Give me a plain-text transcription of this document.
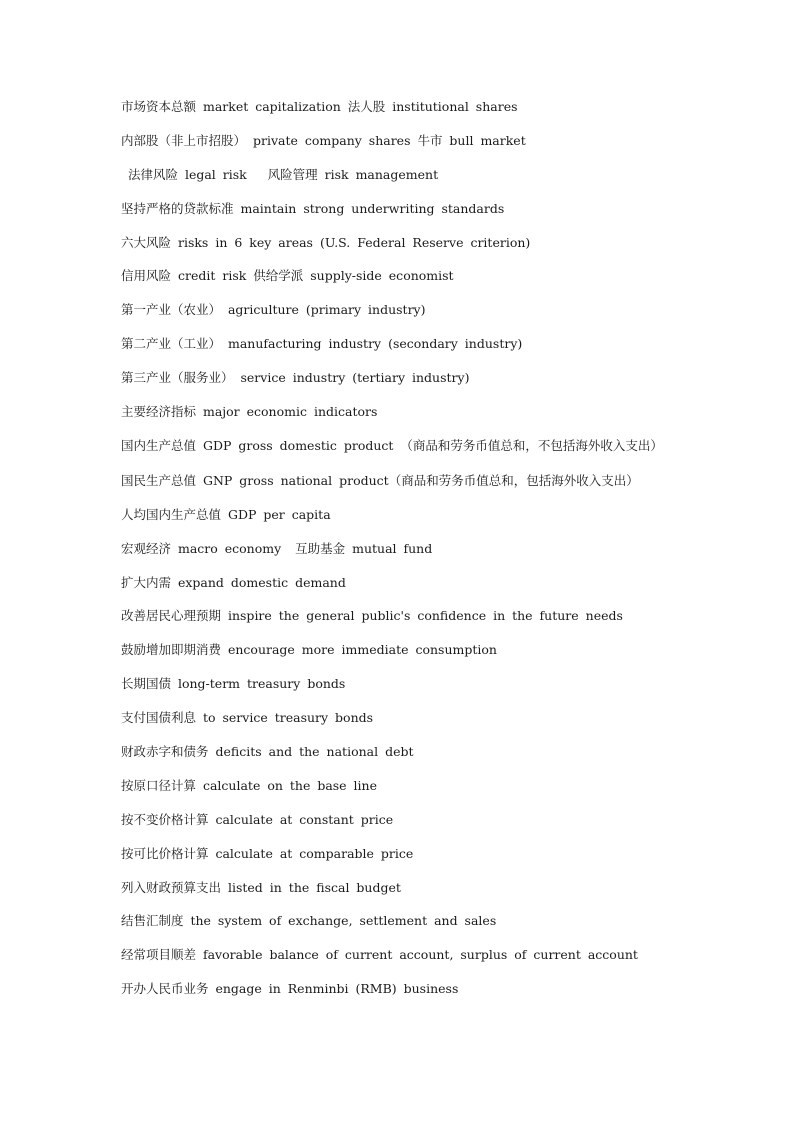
市场资本总额 market capitalization 法人股 institutional shares

内部股（非上市招股） private company shares 牛市 bull market

法律风险 legal risk   风险管理 risk management

坚持严格的贷款标准 maintain strong underwriting standards

六大风险 risks in 6 key areas (U.S. Federal Reserve criterion)

信用风险 credit risk 供给学派 supply-side economist

第一产业（农业） agriculture (primary industry)

第二产业（工业） manufacturing industry (secondary industry)

第三产业（服务业） service industry (tertiary industry)

主要经济指标 major economic indicators

国内生产总值 GDP gross domestic product （商品和劳务币值总和，不包括海外收入支出）

国民生产总值 GNP gross national product（商品和劳务币值总和，包括海外收入支出）

人均国内生产总值 GDP per capita

宏观经济 macro economy  互助基金 mutual fund

扩大内需 expand domestic demand

改善居民心理预期 inspire the general public's confidence in the future needs

鼓励增加即期消费 encourage more immediate consumption

长期国债 long-term treasury bonds

支付国债利息 to service treasury bonds

财政赤字和债务 deficits and the national debt

按原口径计算 calculate on the base line

按不变价格计算 calculate at constant price

按可比价格计算 calculate at comparable price

列入财政预算支出 listed in the fiscal budget

结售汇制度 the system of exchange, settlement and sales

经常项目顺差 favorable balance of current account, surplus of current account

开办人民币业务 engage in Renminbi (RMB) business
